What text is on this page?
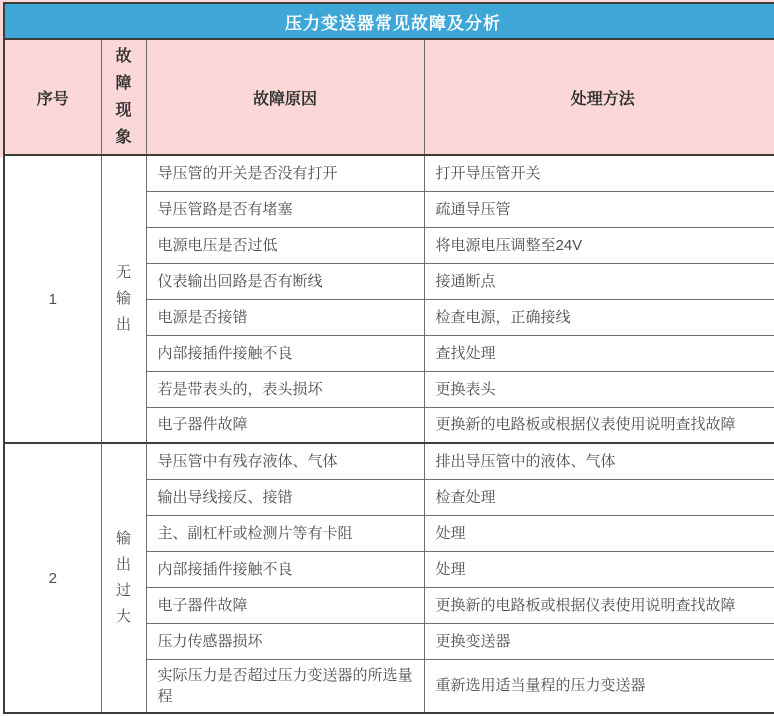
压力变送器常见故障及分析			
序号	故障现象	故障原因	处理方法
1	无输出	导压管的开关是否没有打开	打开导压管开关
		导压管路是否有堵塞	疏通导压管
		电源电压是否过低	将电源电压调整至24V
		仪表输出回路是否有断线	接通断点
		电源是否接错	检查电源，正确接线
		内部接插件接触不良	查找处理
		若是带表头的，表头损坏	更换表头
		电子器件故障	更换新的电路板或根据仪表使用说明查找故障
2	输出过大	导压管中有残存液体、气体	排出导压管中的液体、气体
		输出导线接反、接错	检查处理
		主、副杠杆或检测片等有卡阻	处理
		内部接插件接触不良	处理
		电子器件故障	更换新的电路板或根据仪表使用说明查找故障
		压力传感器损坏	更换变送器
		实际压力是否超过压力变送器的所选量程	重新选用适当量程的压力变送器
